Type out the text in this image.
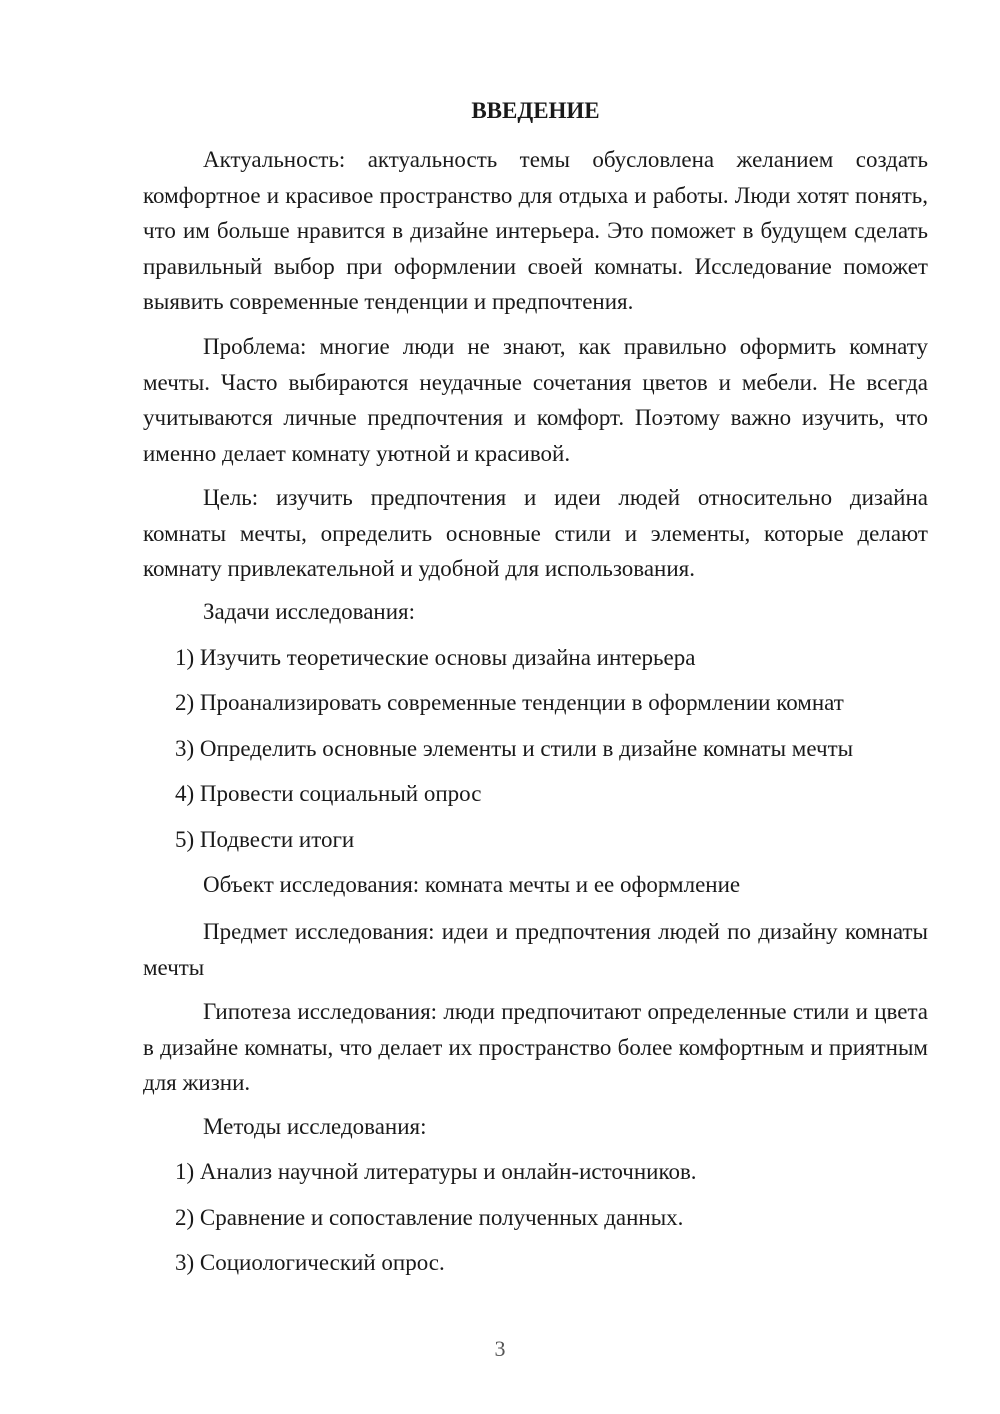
ВВЕДЕНИЕ

Актуальность: актуальность темы обусловлена желанием создать комфортное и красивое пространство для отдыха и работы. Люди хотят понять, что им больше нравится в дизайне интерьера. Это поможет в будущем сделать правильный выбор при оформлении своей комнаты. Исследование поможет выявить современные тенденции и предпочтения.

Проблема: многие люди не знают, как правильно оформить комнату мечты. Часто выбираются неудачные сочетания цветов и мебели. Не всегда учитываются личные предпочтения и комфорт. Поэтому важно изучить, что именно делает комнату уютной и красивой.

Цель: изучить предпочтения и идеи людей относительно дизайна комнаты мечты, определить основные стили и элементы, которые делают комнату привлекательной и удобной для использования.

Задачи исследования:

1) Изучить теоретические основы дизайна интерьера

2) Проанализировать современные тенденции в оформлении комнат

3) Определить основные элементы и стили в дизайне комнаты мечты

4) Провести социальный опрос

5) Подвести итоги

Объект исследования: комната мечты и ее оформление

Предмет исследования: идеи и предпочтения людей по дизайну комнаты мечты

Гипотеза исследования: люди предпочитают определенные стили и цвета в дизайне комнаты, что делает их пространство более комфортным и приятным для жизни.

Методы исследования:

1) Анализ научной литературы и онлайн-источников.

2) Сравнение и сопоставление полученных данных.

3) Социологический опрос.

3
